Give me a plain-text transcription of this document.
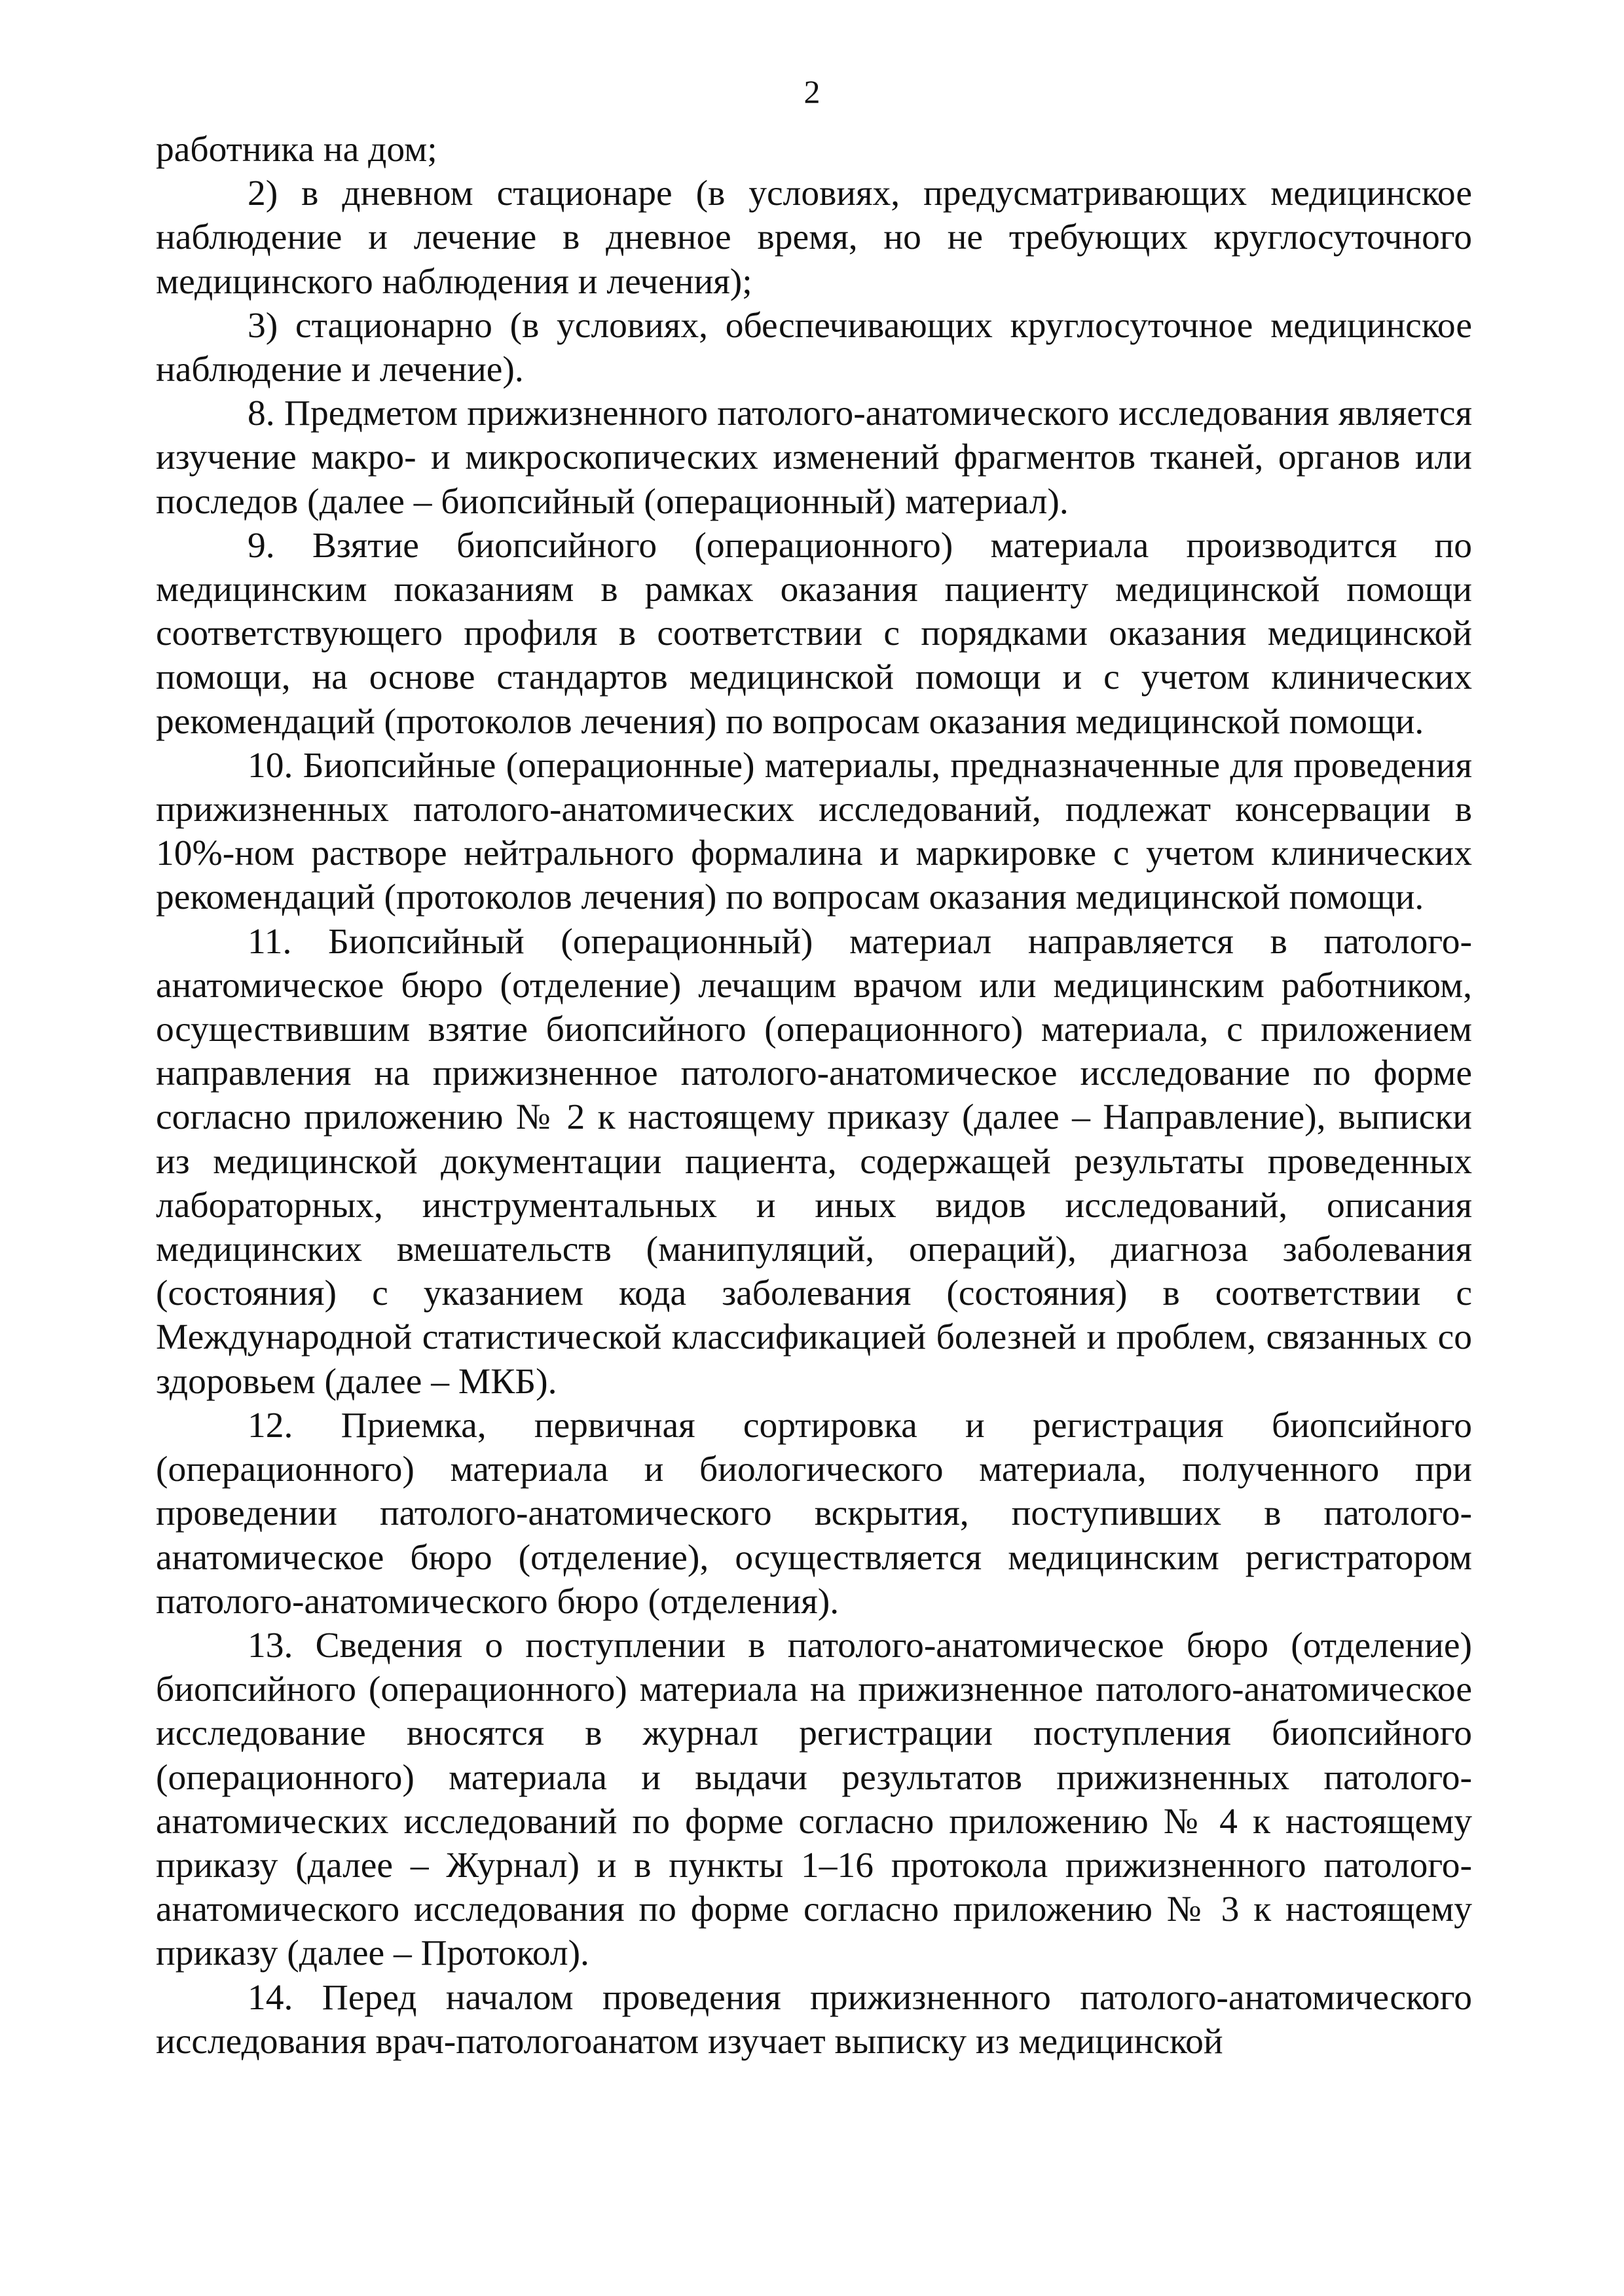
2

работника на дом;

2) в дневном стационаре (в условиях, предусматривающих медицинское наблюдение и лечение в дневное время, но не требующих круглосуточного медицинского наблюдения и лечения);

3) стационарно (в условиях, обеспечивающих круглосуточное медицинское наблюдение и лечение).

8. Предметом прижизненного патолого-анатомического исследования является изучение макро- и микроскопических изменений фрагментов тканей, органов или последов (далее – биопсийный (операционный) материал).

9. Взятие биопсийного (операционного) материала производится по медицинским показаниям в рамках оказания пациенту медицинской помощи соответствующего профиля в соответствии с порядками оказания медицинской помощи, на основе стандартов медицинской помощи и с учетом клинических рекомендаций (протоколов лечения) по вопросам оказания медицинской помощи.

10. Биопсийные (операционные) материалы, предназначенные для проведения прижизненных патолого-анатомических исследований, подлежат консервации в 10%-ном растворе нейтрального формалина и маркировке с учетом клинических рекомендаций (протоколов лечения) по вопросам оказания медицинской помощи.

11. Биопсийный (операционный) материал направляется в патолого-анатомическое бюро (отделение) лечащим врачом или медицинским работником, осуществившим взятие биопсийного (операционного) материала, с приложением направления на прижизненное патолого-анатомическое исследование по форме согласно приложению № 2 к настоящему приказу (далее – Направление), выписки из медицинской документации пациента, содержащей результаты проведенных лабораторных, инструментальных и иных видов исследований, описания медицинских вмешательств (манипуляций, операций), диагноза заболевания (состояния) с указанием кода заболевания (состояния) в соответствии с Международной статистической классификацией болезней и проблем, связанных со здоровьем (далее – МКБ).

12. Приемка, первичная сортировка и регистрация биопсийного (операционного) материала и биологического материала, полученного при проведении патолого-анатомического вскрытия, поступивших в патолого-анатомическое бюро (отделение), осуществляется медицинским регистратором патолого-анатомического бюро (отделения).

13. Сведения о поступлении в патолого-анатомическое бюро (отделение) биопсийного (операционного) материала на прижизненное патолого-анатомическое исследование вносятся в журнал регистрации поступления биопсийного (операционного) материала и выдачи результатов прижизненных патолого-анатомических исследований по форме согласно приложению № 4 к настоящему приказу (далее – Журнал) и в пункты 1–16 протокола прижизненного патолого-анатомического исследования по форме согласно приложению № 3 к настоящему приказу (далее – Протокол).

14. Перед началом проведения прижизненного патолого-анатомического исследования врач-патологоанатом изучает выписку из медицинской
